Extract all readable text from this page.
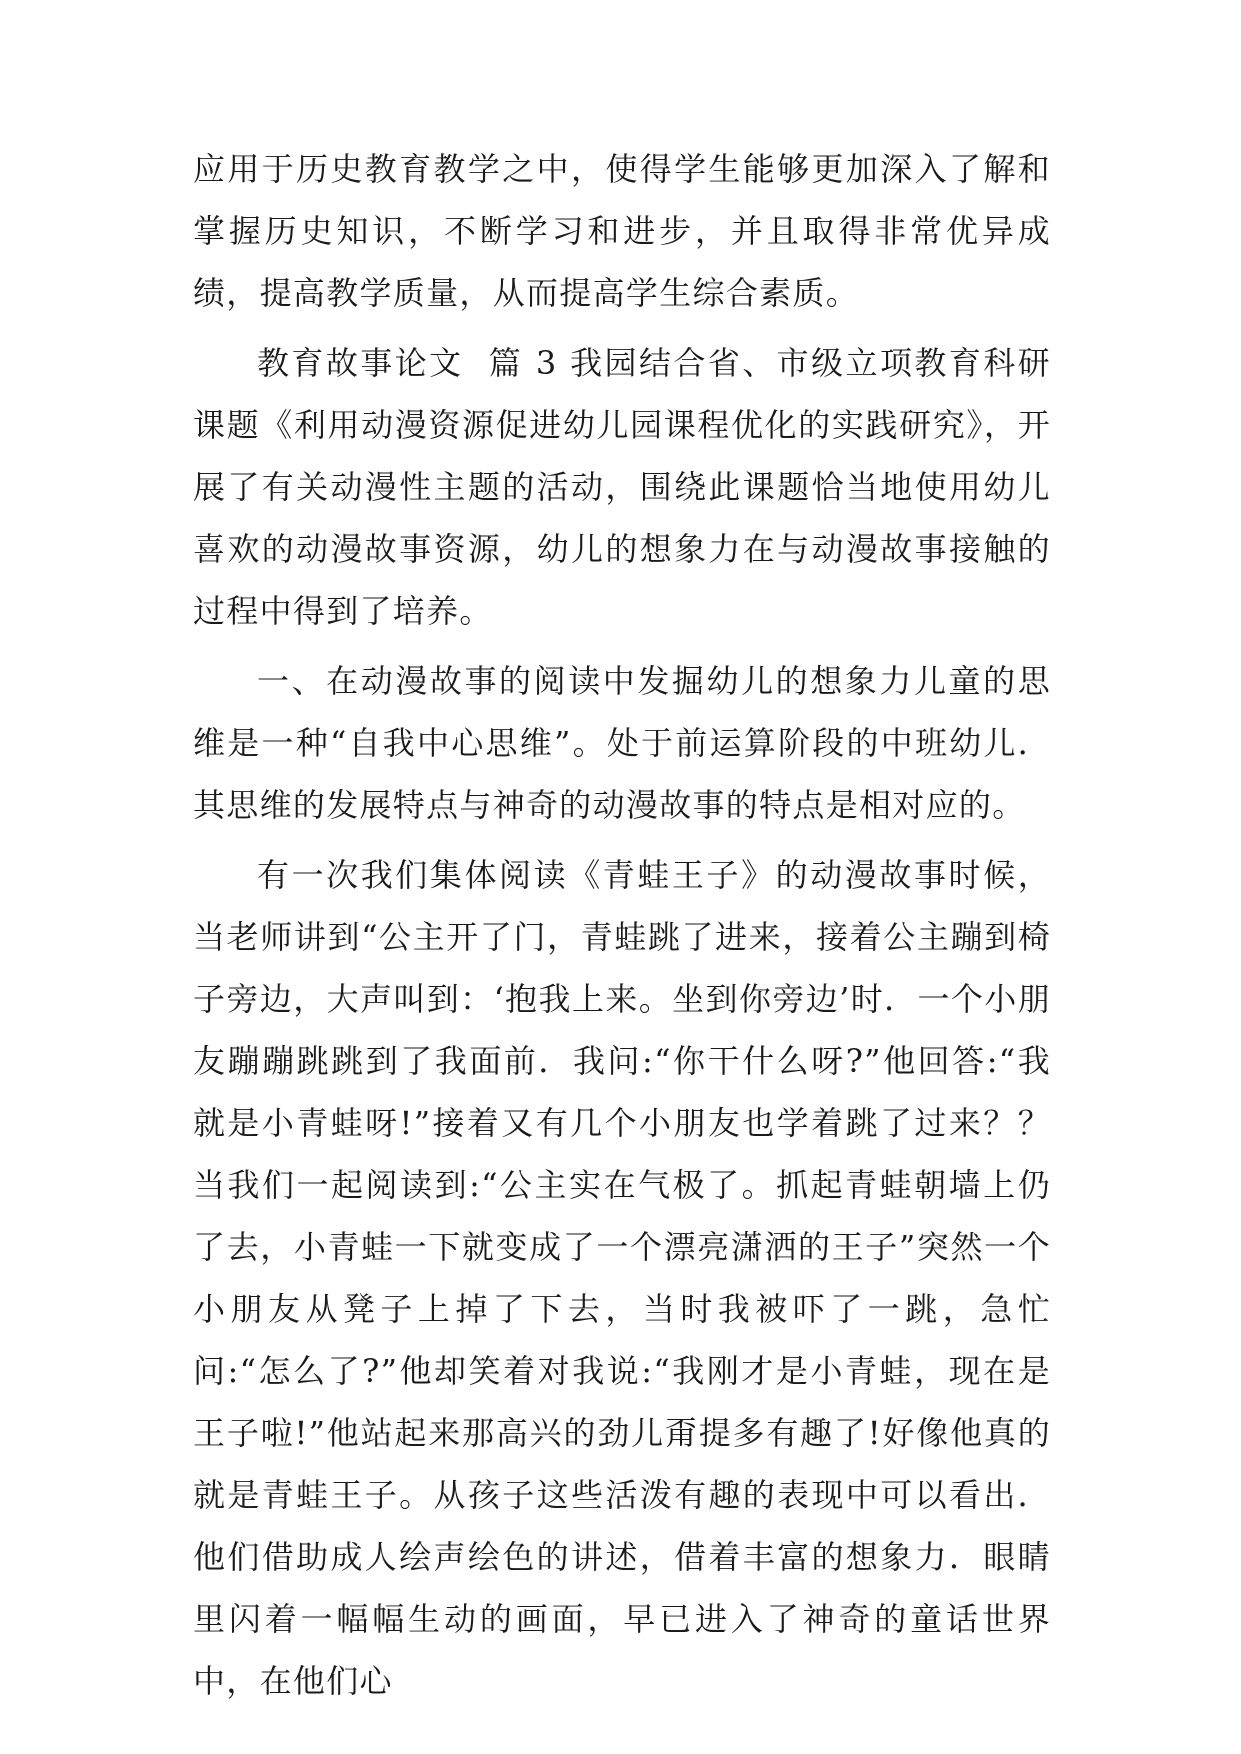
应用于历史教育教学之中，使得学生能够更加深入了解和掌握历史知识，不断学习和进步，并且取得非常优异成绩，提高教学质量，从而提高学生综合素质。

教育故事论文  篇 3 我园结合省、市级立项教育科研课题《利用动漫资源促进幼儿园课程优化的实践研究》，开展了有关动漫性主题的活动，围绕此课题恰当地使用幼儿喜欢的动漫故事资源，幼儿的想象力在与动漫故事接触的过程中得到了培养。

一、在动漫故事的阅读中发掘幼儿的想象力儿童的思维是一种“自我中心思维”。处于前运算阶段的中班幼儿．其思维的发展特点与神奇的动漫故事的特点是相对应的。

有一次我们集体阅读《青蛙王子》的动漫故事时候，当老师讲到“公主开了门，青蛙跳了进来，接着公主蹦到椅子旁边，大声叫到：‘抱我上来。坐到你旁边’时．一个小朋友蹦蹦跳跳到了我面前．我问:“你干什么呀?”他回答:“我就是小青蛙呀!”接着又有几个小朋友也学着跳了过来？？当我们一起阅读到:“公主实在气极了。抓起青蛙朝墙上仍了去，小青蛙一下就变成了一个漂亮潇洒的王子”突然一个小朋友从凳子上掉了下去，当时我被吓了一跳，急忙问:“怎么了?”他却笑着对我说:“我刚才是小青蛙，现在是王子啦!”他站起来那高兴的劲儿甭提多有趣了!好像他真的就是青蛙王子。从孩子这些活泼有趣的表现中可以看出．他们借助成人绘声绘色的讲述，借着丰富的想象力．眼睛里闪着一幅幅生动的画面，早已进入了神奇的童话世界中，在他们心
